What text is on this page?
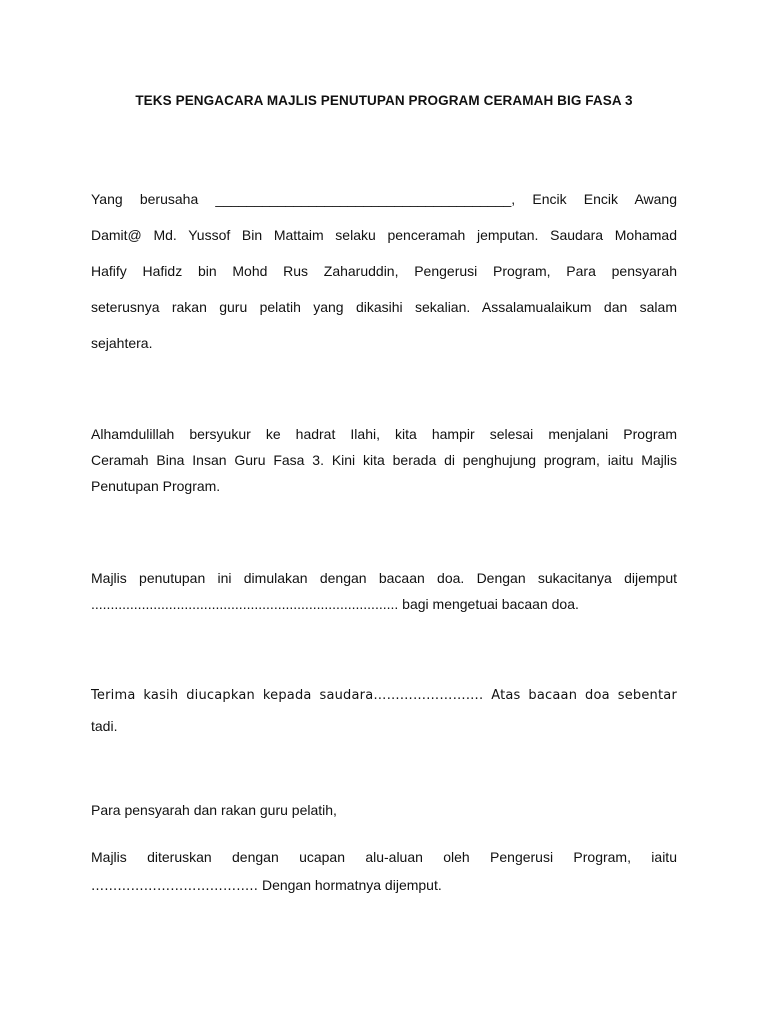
TEKS PENGACARA MAJLIS PENUTUPAN PROGRAM CERAMAH BIG FASA 3
Yang berusaha ______________________________________, Encik Encik Awang
Damit@ Md. Yussof Bin Mattaim selaku penceramah jemputan. Saudara Mohamad
Hafify Hafidz bin Mohd Rus Zaharuddin, Pengerusi Program, Para pensyarah
seterusnya rakan guru pelatih yang dikasihi sekalian. Assalamualaikum dan salam
sejahtera.
Alhamdulillah bersyukur ke hadrat Ilahi, kita hampir selesai menjalani Program
Ceramah Bina Insan Guru Fasa 3. Kini kita berada di penghujung program, iaitu Majlis
Penutupan Program.
Majlis penutupan ini dimulakan dengan bacaan doa. Dengan sukacitanya dijemput
............................................................................... bagi mengetuai bacaan doa.
Terima kasih diucapkan kepada saudara……………………. Atas bacaan doa sebentar
tadi.
Para pensyarah dan rakan guru pelatih,
Majlis diteruskan dengan ucapan alu-aluan oleh Pengerusi Program, iaitu
……………………………….. Dengan hormatnya dijemput.
